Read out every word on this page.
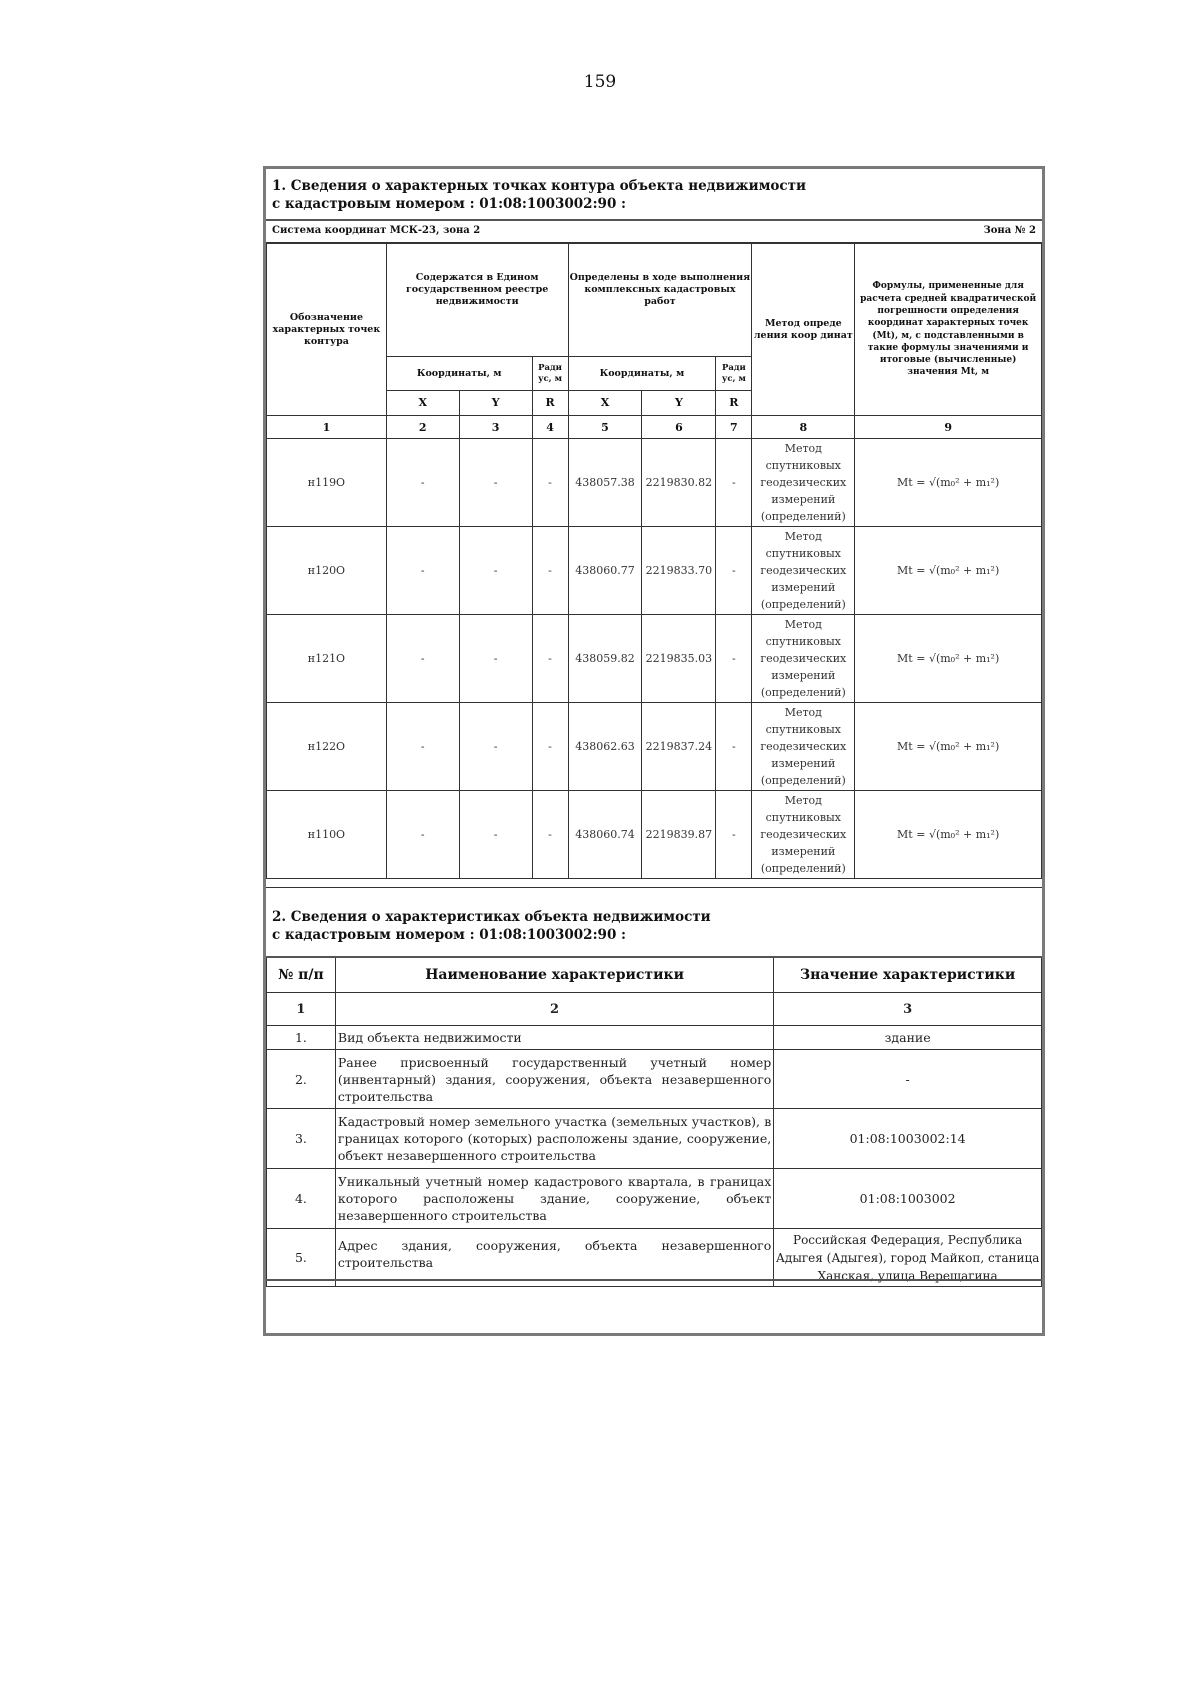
159
1. Сведения о характерных точках контура объекта недвижимости
с кадастровым номером : 01:08:1003002:90 :
Система координат МСК-23, зона 2	Зона № 2
Обозначение характерных точек контура	Содержатся в Едином государственном реестре недвижимости			Определены в ходе выполнения комплексных кадастровых работ			Метод опреде ления коор динат	Формулы, примененные для расчета средней квадратической погрешности определения координат характерных точек (Mt), м, с подставленными в такие формулы значениями и итоговые (вычисленные) значения Mt, м
	Координаты, м		Ради ус, м	Координаты, м		Ради ус, м		
	X	Y	R	X	Y	R		
1	2	3	4	5	6	7	8	9
н119О	-	-	-	438057.38	2219830.82	-	Метод спутниковых геодезических измерений (определений)	Mt = √(m₀² + m₁²)
н120О	-	-	-	438060.77	2219833.70	-	Метод спутниковых геодезических измерений (определений)	Mt = √(m₀² + m₁²)
н121О	-	-	-	438059.82	2219835.03	-	Метод спутниковых геодезических измерений (определений)	Mt = √(m₀² + m₁²)
н122О	-	-	-	438062.63	2219837.24	-	Метод спутниковых геодезических измерений (определений)	Mt = √(m₀² + m₁²)
н110О	-	-	-	438060.74	2219839.87	-	Метод спутниковых геодезических измерений (определений)	Mt = √(m₀² + m₁²)
2. Сведения о характеристиках объекта недвижимости
с кадастровым номером : 01:08:1003002:90 :
№ п/п	Наименование характеристики	Значение характеристики
1	2	3
1.	Вид объекта недвижимости	здание
2.	Ранее присвоенный государственный учетный номер (инвентарный) здания, сооружения, объекта незавершенного строительства	-
3.	Кадастровый номер земельного участка (земельных участков), в границах которого (которых) расположены здание, сооружение, объект незавершенного строительства	01:08:1003002:14
4.	Уникальный учетный номер кадастрового квартала, в границах которого расположены здание, сооружение, объект незавершенного строительства	01:08:1003002
5.	Адрес здания, сооружения, объекта незавершенного строительства	Российская Федерация, Республика Адыгея (Адыгея), город Майкоп, станица Ханская, улица Верещагина
